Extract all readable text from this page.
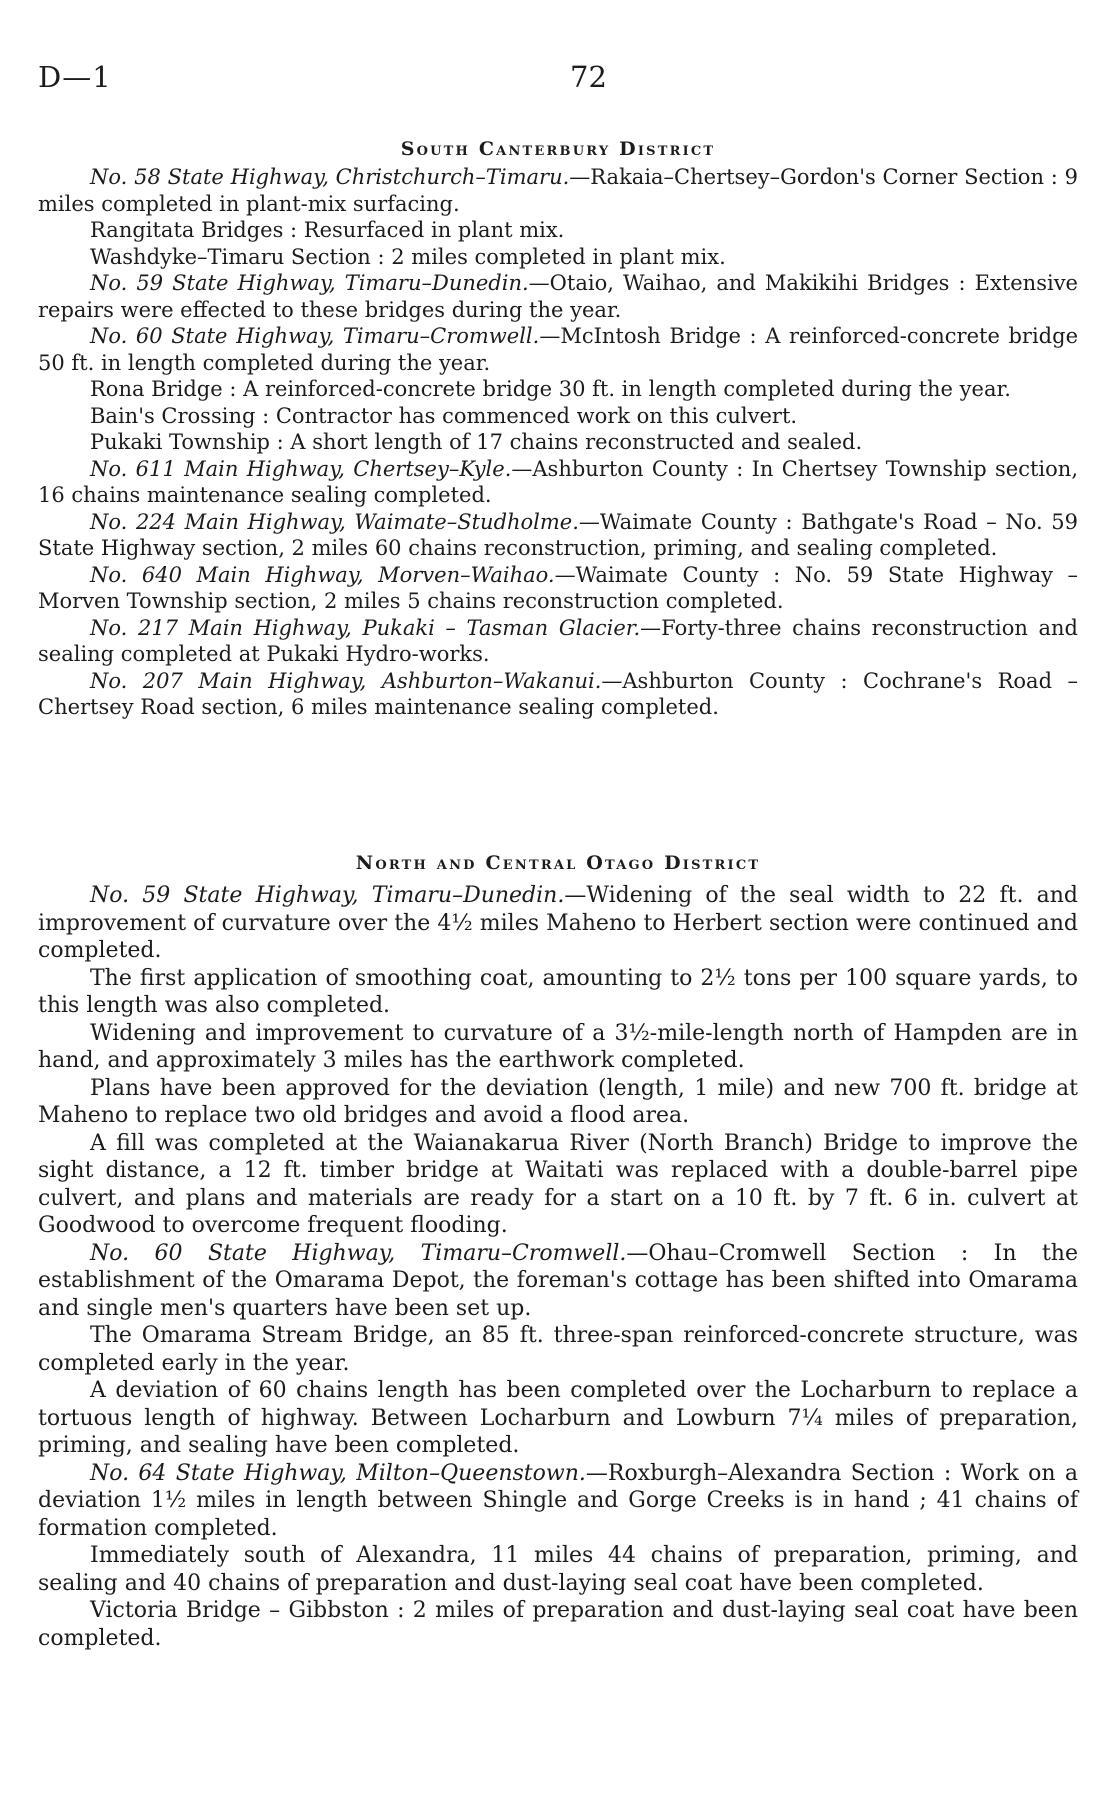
D—1	72
South Canterbury District

No. 58 State Highway, Christchurch–Timaru.—Rakaia–Chertsey–Gordon's Corner Section : 9 miles completed in plant-mix surfacing.

Rangitata Bridges : Resurfaced in plant mix.

Washdyke–Timaru Section : 2 miles completed in plant mix.

No. 59 State Highway, Timaru–Dunedin.—Otaio, Waihao, and Makikihi Bridges : Extensive repairs were effected to these bridges during the year.

No. 60 State Highway, Timaru–Cromwell.—McIntosh Bridge : A reinforced-concrete bridge 50 ft. in length completed during the year.

Rona Bridge : A reinforced-concrete bridge 30 ft. in length completed during the year.

Bain's Crossing : Contractor has commenced work on this culvert.

Pukaki Township : A short length of 17 chains reconstructed and sealed.

No. 611 Main Highway, Chertsey–Kyle.—Ashburton County : In Chertsey Township section, 16 chains maintenance sealing completed.

No. 224 Main Highway, Waimate–Studholme.—Waimate County : Bathgate's Road – No. 59 State Highway section, 2 miles 60 chains reconstruction, priming, and sealing completed.

No. 640 Main Highway, Morven–Waihao.—Waimate County : No. 59 State Highway – Morven Township section, 2 miles 5 chains reconstruction completed.

No. 217 Main Highway, Pukaki – Tasman Glacier.—Forty-three chains reconstruction and sealing completed at Pukaki Hydro-works.

No. 207 Main Highway, Ashburton–Wakanui.—Ashburton County : Cochrane's Road – Chertsey Road section, 6 miles maintenance sealing completed.

North and Central Otago District

No. 59 State Highway, Timaru–Dunedin.—Widening of the seal width to 22 ft. and improvement of curvature over the 4½ miles Maheno to Herbert section were continued and completed.

The first application of smoothing coat, amounting to 2½ tons per 100 square yards, to this length was also completed.

Widening and improvement to curvature of a 3½-mile-length north of Hampden are in hand, and approximately 3 miles has the earthwork completed.

Plans have been approved for the deviation (length, 1 mile) and new 700 ft. bridge at Maheno to replace two old bridges and avoid a flood area.

A fill was completed at the Waianakarua River (North Branch) Bridge to improve the sight distance, a 12 ft. timber bridge at Waitati was replaced with a double-barrel pipe culvert, and plans and materials are ready for a start on a 10 ft. by 7 ft. 6 in. culvert at Goodwood to overcome frequent flooding.

No. 60 State Highway, Timaru–Cromwell.—Ohau–Cromwell Section : In the establishment of the Omarama Depot, the foreman's cottage has been shifted into Omarama and single men's quarters have been set up.

The Omarama Stream Bridge, an 85 ft. three-span reinforced-concrete structure, was completed early in the year.

A deviation of 60 chains length has been completed over the Locharburn to replace a tortuous length of highway. Between Locharburn and Lowburn 7¼ miles of preparation, priming, and sealing have been completed.

No. 64 State Highway, Milton–Queenstown.—Roxburgh–Alexandra Section : Work on a deviation 1½ miles in length between Shingle and Gorge Creeks is in hand ; 41 chains of formation completed.

Immediately south of Alexandra, 11 miles 44 chains of preparation, priming, and sealing and 40 chains of preparation and dust-laying seal coat have been completed.

Victoria Bridge – Gibbston : 2 miles of preparation and dust-laying seal coat have been completed.
